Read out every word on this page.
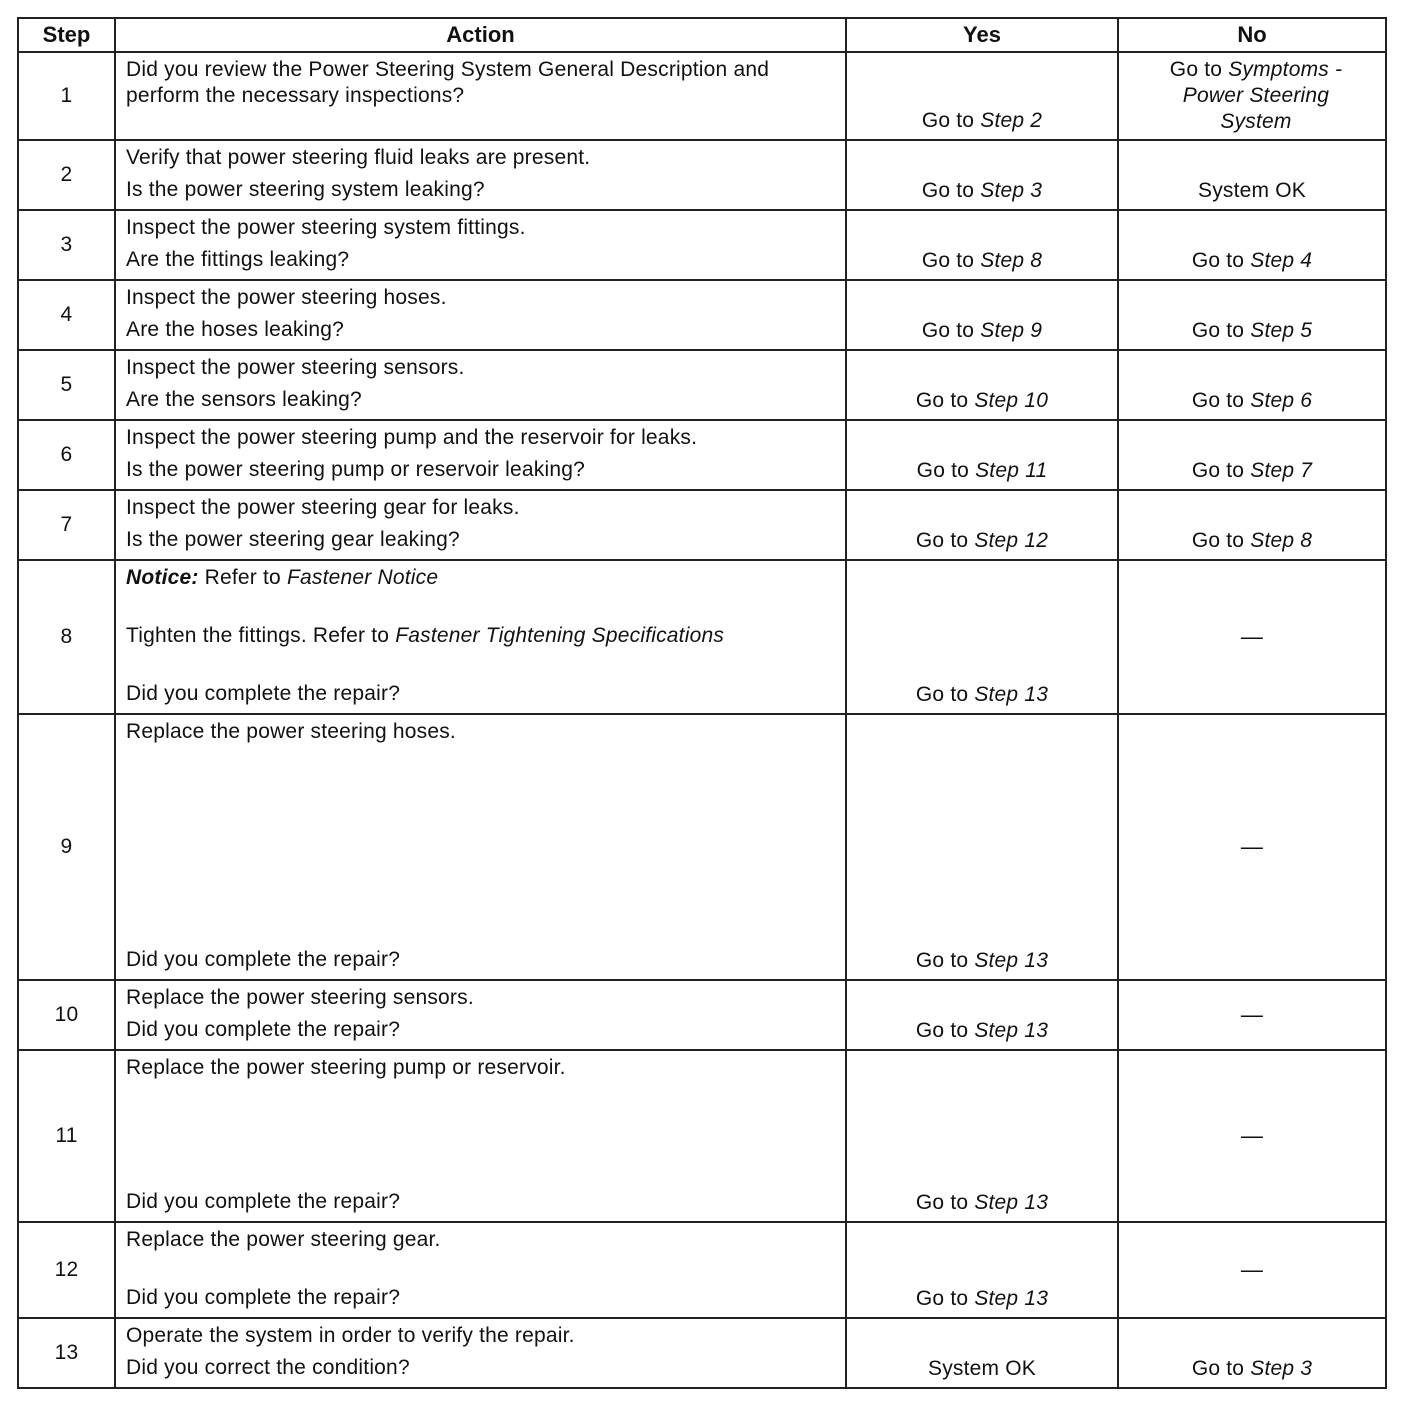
Step	Action	Yes	No
1	Did you review the Power Steering System General Description and perform the necessary inspections?	Go to Step 2	Go to Symptoms - Power Steering System
2	Verify that power steering fluid leaks are present.
Is the power steering system leaking?	Go to Step 3	System OK
3	Inspect the power steering system fittings.
Are the fittings leaking?	Go to Step 8	Go to Step 4
4	Inspect the power steering hoses.
Are the hoses leaking?	Go to Step 9	Go to Step 5
5	Inspect the power steering sensors.
Are the sensors leaking?	Go to Step 10	Go to Step 6
6	Inspect the power steering pump and the reservoir for leaks.
Is the power steering pump or reservoir leaking?	Go to Step 11	Go to Step 7
7	Inspect the power steering gear for leaks.
Is the power steering gear leaking?	Go to Step 12	Go to Step 8
8	Notice: Refer to Fastener Notice
Tighten the fittings. Refer to Fastener Tightening Specifications
Did you complete the repair?	Go to Step 13	—
9	Replace the power steering hoses.
Did you complete the repair?	Go to Step 13	—
10	Replace the power steering sensors.
Did you complete the repair?	Go to Step 13	—
11	Replace the power steering pump or reservoir.
Did you complete the repair?	Go to Step 13	—
12	Replace the power steering gear.
Did you complete the repair?	Go to Step 13	—
13	Operate the system in order to verify the repair.
Did you correct the condition?	System OK	Go to Step 3
